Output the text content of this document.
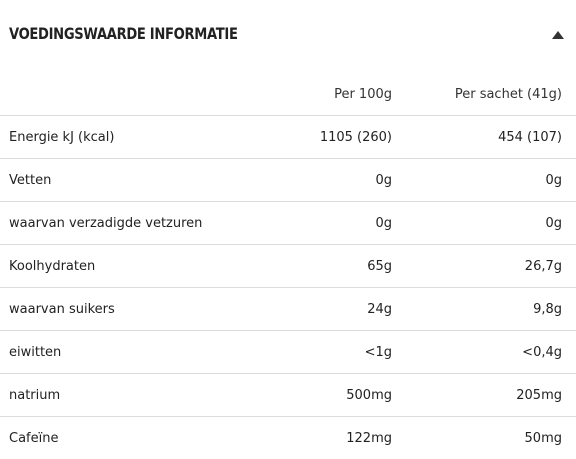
VOEDINGSWAARDE INFORMATIE
	Per 100g	Per sachet (41g)
Energie kJ (kcal)	1105 (260)	454 (107)
Vetten	0g	0g
waarvan verzadigde vetzuren	0g	0g
Koolhydraten	65g	26,7g
waarvan suikers	24g	9,8g
eiwitten	<1g	<0,4g
natrium	500mg	205mg
Cafeïne	122mg	50mg
